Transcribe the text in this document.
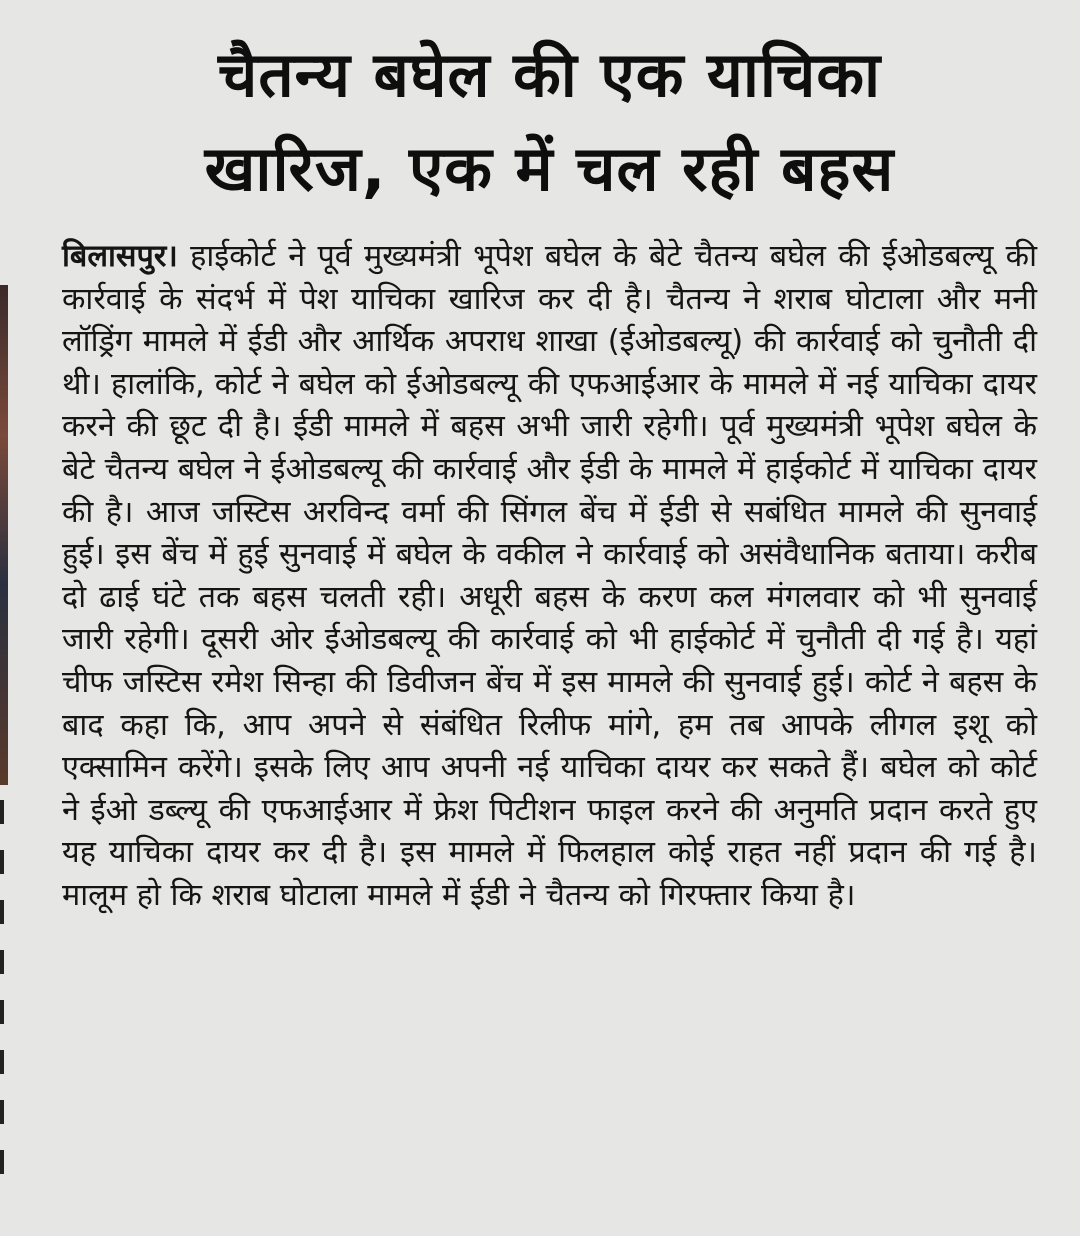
चैतन्य बघेल की एक याचिका
खारिज, एक में चल रही बहस

बिलासपुर। हाईकोर्ट ने पूर्व मुख्यमंत्री भूपेश बघेल के बेटे चैतन्य बघेल की ईओडबल्यू की कार्रवाई के संदर्भ में पेश याचिका खारिज कर दी है। चैतन्य ने शराब घोटाला और मनी लॉड्रिंग मामले में ईडी और आर्थिक अपराध शाखा (ईओडबल्यू) की कार्रवाई को चुनौती दी थी। हालांकि, कोर्ट ने बघेल को ईओडबल्यू की एफआईआर के मामले में नई याचिका दायर करने की छूट दी है। ईडी मामले में बहस अभी जारी रहेगी। पूर्व मुख्यमंत्री भूपेश बघेल के बेटे चैतन्य बघेल ने ईओडबल्यू की कार्रवाई और ईडी के मामले में हाईकोर्ट में याचिका दायर की है। आज जस्टिस अरविन्द वर्मा की सिंगल बेंच में ईडी से सबंधित मामले की सुनवाई हुई। इस बेंच में हुई सुनवाई में बघेल के वकील ने कार्रवाई को असंवैधानिक बताया। करीब दो ढाई घंटे तक बहस चलती रही। अधूरी बहस के करण कल मंगलवार को भी सुनवाई जारी रहेगी। दूसरी ओर ईओडबल्यू की कार्रवाई को भी हाईकोर्ट में चुनौती दी गई है। यहां चीफ जस्टिस रमेश सिन्हा की डिवीजन बेंच में इस मामले की सुनवाई हुई। कोर्ट ने बहस के बाद कहा कि, आप अपने से संबंधित रिलीफ मांगे, हम तब आपके लीगल इशू को एक्सामिन करेंगे। इसके लिए आप अपनी नई याचिका दायर कर सकते हैं। बघेल को कोर्ट ने ईओ डब्ल्यू की एफआईआर में फ्रेश पिटीशन फाइल करने की अनुमति प्रदान करते हुए यह याचिका दायर कर दी है। इस मामले में फिलहाल कोई राहत नहीं प्रदान की गई है। मालूम हो कि शराब घोटाला मामले में ईडी ने चैतन्य को गिरफ्तार किया है।
